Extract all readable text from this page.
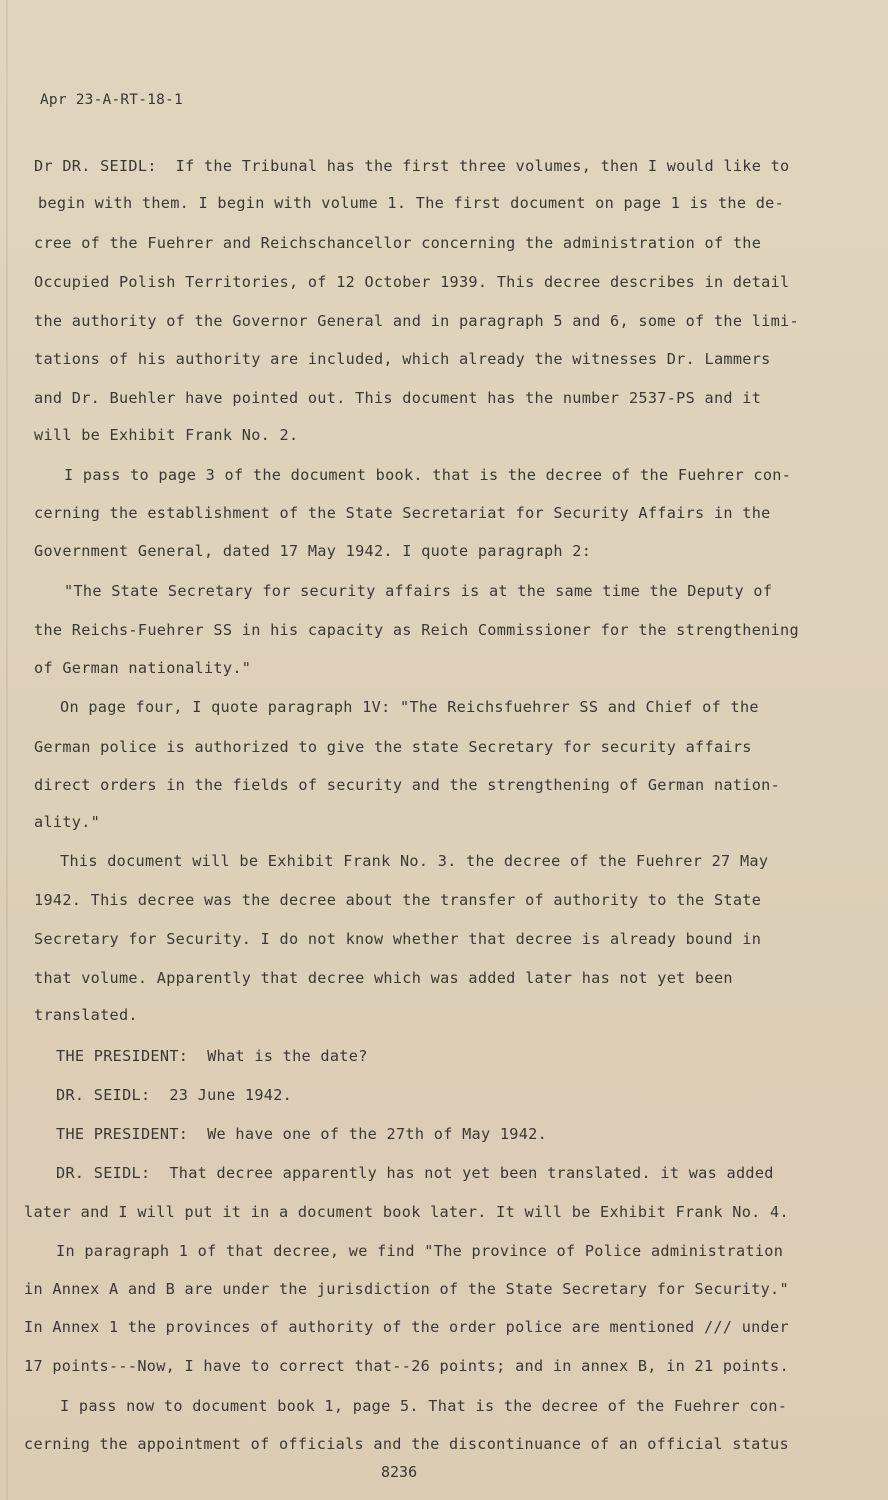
Apr 23-A-RT-18-1
Dr DR. SEIDL:  If the Tribunal has the first three volumes, then I would like to
begin with them. I begin with volume 1. The first document on page 1 is the de-
cree of the Fuehrer and Reichschancellor concerning the administration of the
Occupied Polish Territories, of 12 October 1939. This decree describes in detail
the authority of the Governor General and in paragraph 5 and 6, some of the limi-
tations of his authority are included, which already the witnesses Dr. Lammers
and Dr. Buehler have pointed out. This document has the number 2537-PS and it
will be Exhibit Frank No. 2.
I pass to page 3 of the document book. that is the decree of the Fuehrer con-
cerning the establishment of the State Secretariat for Security Affairs in the
Government General, dated 17 May 1942. I quote paragraph 2:
"The State Secretary for security affairs is at the same time the Deputy of
the Reichs-Fuehrer SS in his capacity as Reich Commissioner for the strengthening
of German nationality."
On page four, I quote paragraph 1V: "The Reichsfuehrer SS and Chief of the
German police is authorized to give the state Secretary for security affairs
direct orders in the fields of security and the strengthening of German nation-
ality."
This document will be Exhibit Frank No. 3. the decree of the Fuehrer 27 May
1942. This decree was the decree about the transfer of authority to the State
Secretary for Security. I do not know whether that decree is already bound in
that volume. Apparently that decree which was added later has not yet been
translated.
THE PRESIDENT:  What is the date?
DR. SEIDL:  23 June 1942.
THE PRESIDENT:  We have one of the 27th of May 1942.
DR. SEIDL:  That decree apparently has not yet been translated. it was added
later and I will put it in a document book later. It will be Exhibit Frank No. 4.
In paragraph 1 of that decree, we find "The province of Police administration
in Annex A and B are under the jurisdiction of the State Secretary for Security."
In Annex 1 the provinces of authority of the order police are mentioned /// under
17 points---Now, I have to correct that--26 points; and in annex B, in 21 points.
I pass now to document book 1, page 5. That is the decree of the Fuehrer con-
cerning the appointment of officials and the discontinuance of an official status
8236
